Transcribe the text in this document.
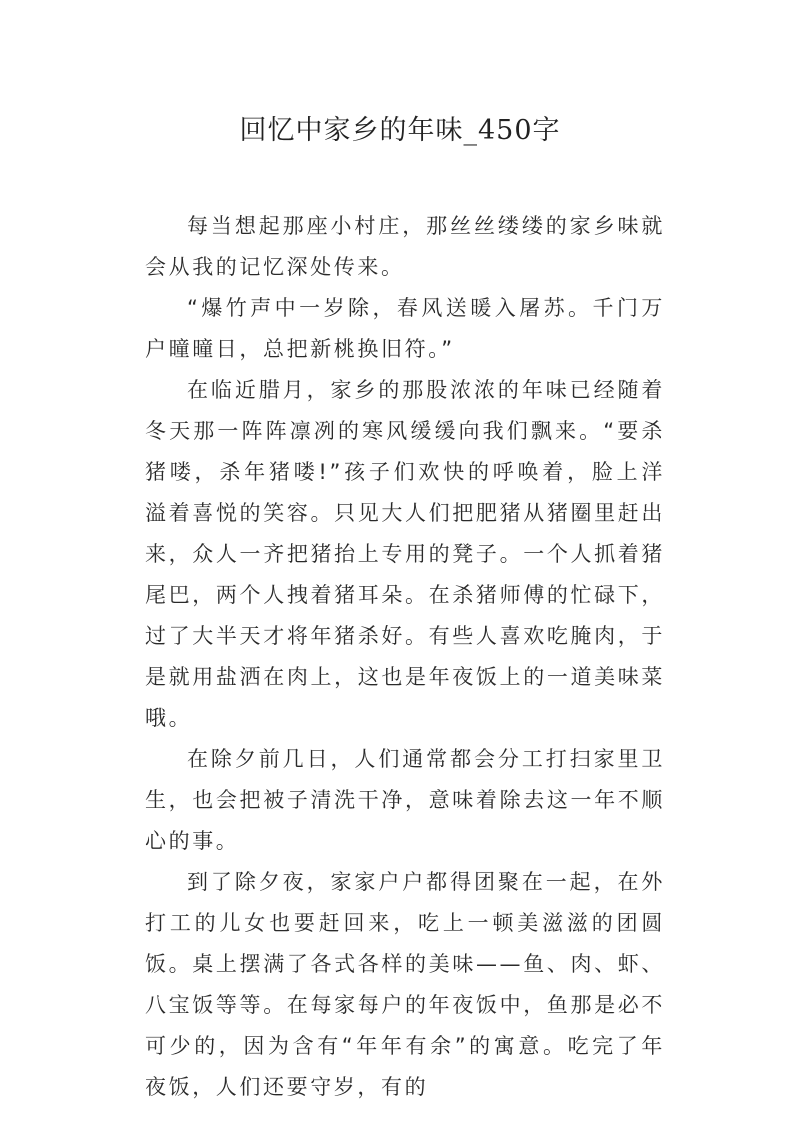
回忆中家乡的年味_450字

每当想起那座小村庄，那丝丝缕缕的家乡味就会从我的记忆深处传来。

“爆竹声中一岁除，春风送暖入屠苏。千门万户曈曈日，总把新桃换旧符。”

在临近腊月，家乡的那股浓浓的年味已经随着冬天那一阵阵凛冽的寒风缓缓向我们飘来。“要杀猪喽，杀年猪喽!”孩子们欢快的呼唤着，脸上洋溢着喜悦的笑容。只见大人们把肥猪从猪圈里赶出来，众人一齐把猪抬上专用的凳子。一个人抓着猪尾巴，两个人拽着猪耳朵。在杀猪师傅的忙碌下，过了大半天才将年猪杀好。有些人喜欢吃腌肉，于是就用盐洒在肉上，这也是年夜饭上的一道美味菜哦。

在除夕前几日，人们通常都会分工打扫家里卫生，也会把被子清洗干净，意味着除去这一年不顺心的事。

到了除夕夜，家家户户都得团聚在一起，在外打工的儿女也要赶回来，吃上一顿美滋滋的团圆饭。桌上摆满了各式各样的美味——鱼、肉、虾、八宝饭等等。在每家每户的年夜饭中，鱼那是必不可少的，因为含有“年年有余”的寓意。吃完了年夜饭，人们还要守岁，有的
